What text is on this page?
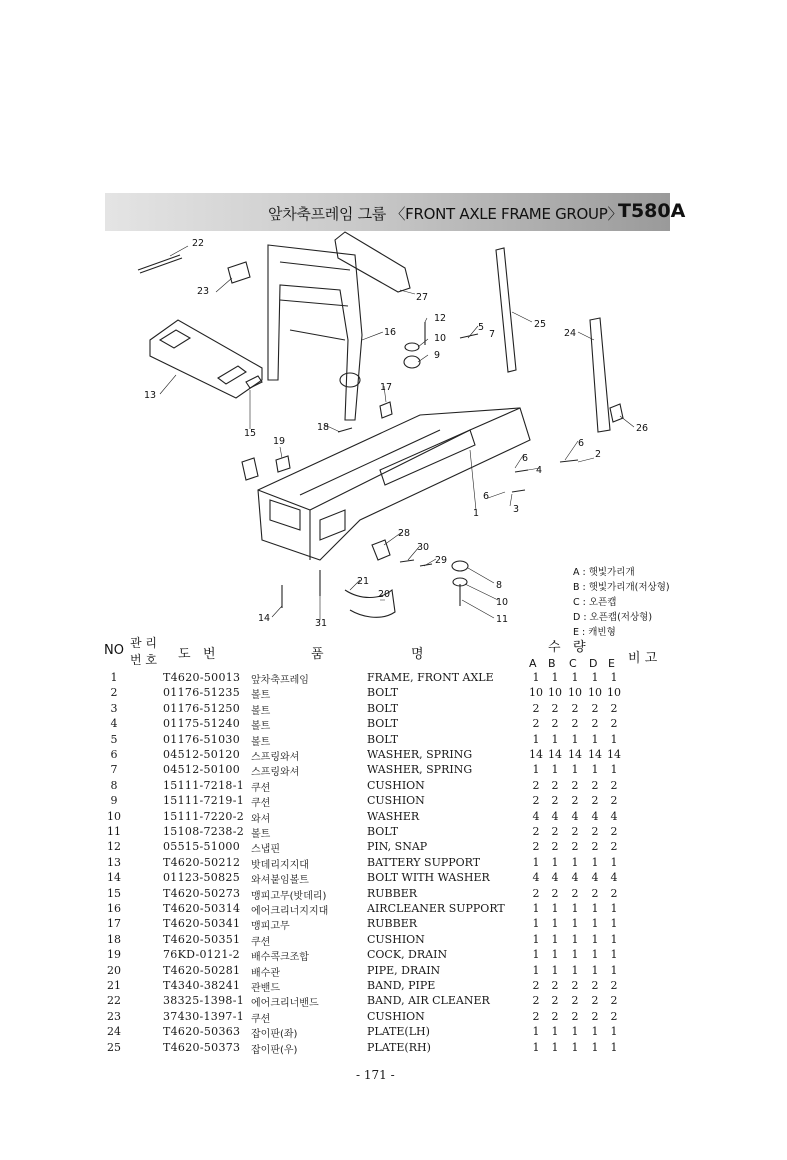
앞차축프레임 그룹 〈FRONT AXLE FRAME GROUP〉
T580A
22
23
27
16
12
10
9
5
7
25
24
13
17
15
18
19	6
2
6
4
26
6
3
1
28
30
29
21
20
8
10
11
14	31
A : 햇빛가리개
B : 햇빛가리개(저상형)
C : 오픈캡
D : 오픈캡(저상형)
E : 캐빈형
NO 관 리
번 호 도   번	품	명	수   량
비 고
A B C D E
1	T4620-50013 앞차축프레임	FRAME, FRONT AXLE	1	1	1	1	1
2	01176-51235 볼트	BOLT	10 10 10 10 10
3	01176-51250 볼트	BOLT	2	2	2	2	2
4	01175-51240 볼트	BOLT	2	2	2	2	2
5	01176-51030 볼트	BOLT	1	1	1	1	1
6	04512-50120 스프링와셔	WASHER, SPRING	14 14 14 14 14
7	04512-50100 스프링와셔	WASHER, SPRING	1	1	1	1	1
8	15111-7218-1 쿠션	CUSHION	2	2	2	2	2
9	15111-7219-1 쿠션	CUSHION	2	2	2	2	2
10	15111-7220-2 와셔	WASHER	4	4	4	4	4
11	15108-7238-2 볼트	BOLT	2	2	2	2	2
12	05515-51000 스냅핀	PIN, SNAP	2	2	2	2	2
13	T4620-50212 밧데리지지대	BATTERY SUPPORT	1	1	1	1	1
14	01123-50825 와셔붙임볼트	BOLT WITH WASHER	4	4	4	4	4
15	T4620-50273 맹피고무(밧데리)	RUBBER	2	2	2	2	2
16	T4620-50314 에어크리너지지대	AIRCLEANER SUPPORT	1	1	1	1	1
17	T4620-50341 맹피고무	RUBBER	1	1	1	1	1
18	T4620-50351 쿠션	CUSHION	1	1	1	1	1
19	76KD-0121-2 배수콕크조합	COCK, DRAIN	1	1	1	1	1
20	T4620-50281 배수관	PIPE, DRAIN	1	1	1	1	1
21	T4340-38241 관밴드	BAND, PIPE	2	2	2	2	2
22	38325-1398-1 에어크리너밴드	BAND, AIR CLEANER	2	2	2	2	2
23	37430-1397-1 쿠션	CUSHION	2	2	2	2	2
24	T4620-50363 잡이판(좌)	PLATE(LH)	1	1	1	1	1
25	T4620-50373 잡이판(우)	PLATE(RH)	1	1	1	1	1
- 171 -
